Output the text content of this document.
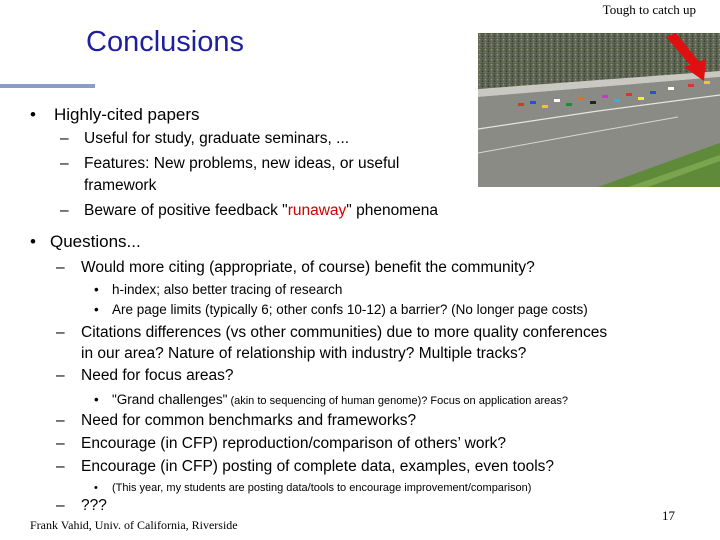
Conclusions
Tough to catch up
• Highly-cited papers
– Useful for study, graduate seminars, ...
– Features: New problems, new ideas, or useful
framework
– Beware of positive feedback "runaway" phenomena
• Questions...
– Would more citing (appropriate, of course) benefit the community?
• h-index; also better tracing of research
• Are page limits (typically 6; other confs 10-12) a barrier? (No longer page costs)
– Citations differences (vs other communities) due to more quality conferences
in our area? Nature of relationship with industry? Multiple tracks?
– Need for focus areas?
• "Grand challenges" (akin to sequencing of human genome)? Focus on application areas?
– Need for common benchmarks and frameworks?
– Encourage (in CFP) reproduction/comparison of others’ work?
– Encourage (in CFP) posting of complete data, examples, even tools?
• (This year, my students are posting data/tools to encourage improvement/comparison)
– ???
Frank Vahid, Univ. of California, Riverside
17
